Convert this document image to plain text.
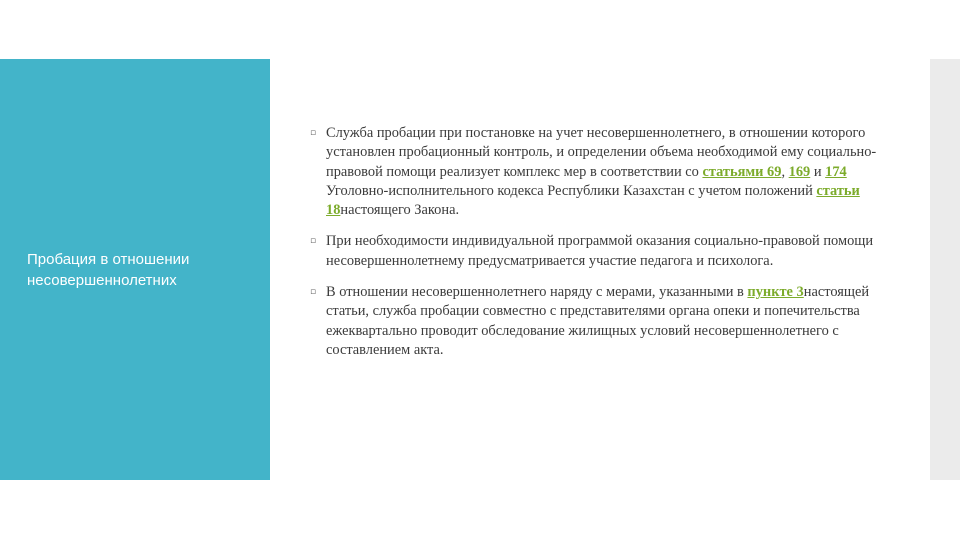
Пробация в отношении несовершеннолетних
▫ Служба пробации при постановке на учет несовершеннолетнего, в отношении которого установлен пробационный контроль, и определении объема необходимой ему социально-правовой помощи реализует комплекс мер в соответствии со статьями 69, 169 и 174 Уголовно-исполнительного кодекса Республики Казахстан с учетом положений статьи 18настоящего Закона.
▫ При необходимости индивидуальной программой оказания социально-правовой помощи несовершеннолетнему предусматривается участие педагога и психолога.
▫ В отношении несовершеннолетнего наряду с мерами, указанными в пункте 3настоящей статьи, служба пробации совместно с представителями органа опеки и попечительства ежеквартально проводит обследование жилищных условий несовершеннолетнего с составлением акта.
